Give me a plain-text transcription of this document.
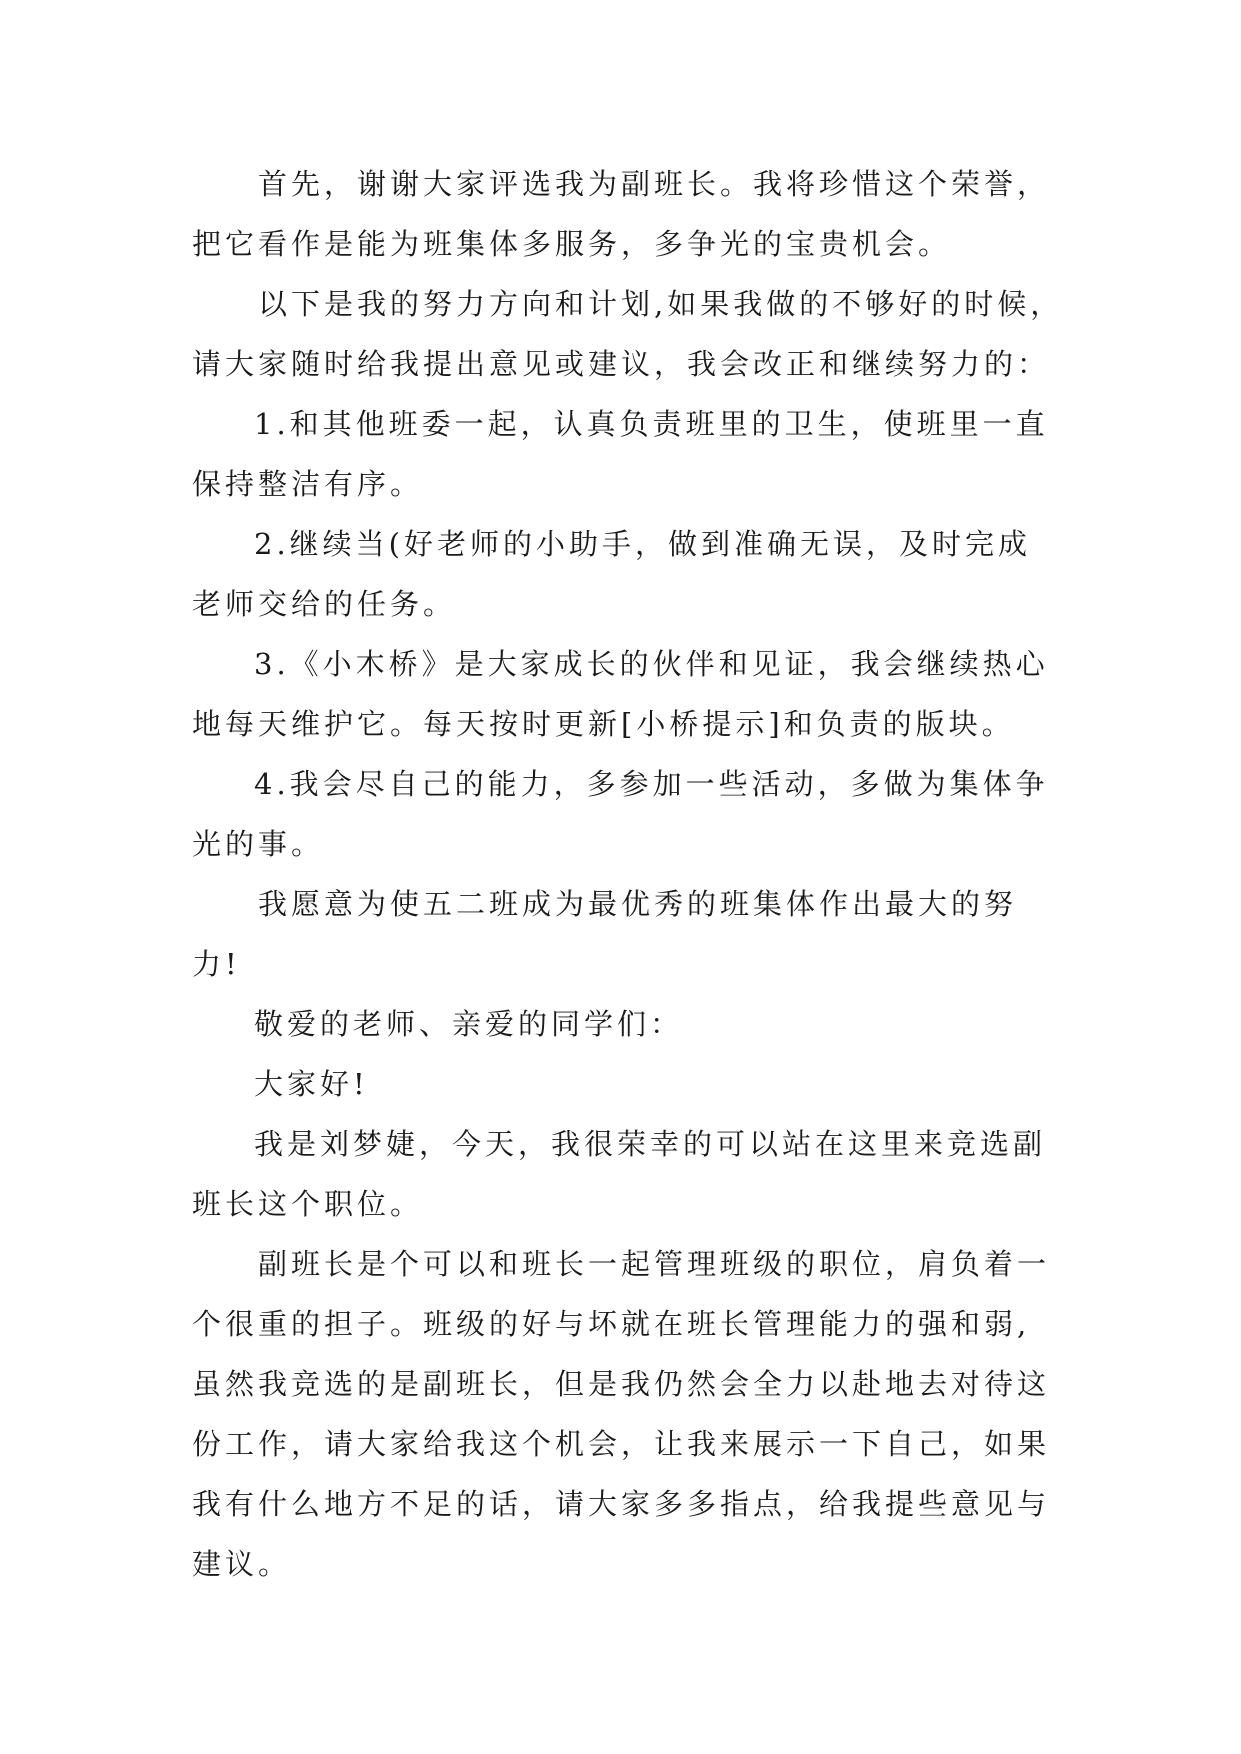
首先，谢谢大家评选我为副班长。我将珍惜这个荣誉，
把它看作是能为班集体多服务，多争光的宝贵机会。
以下是我的努力方向和计划,如果我做的不够好的时候，
请大家随时给我提出意见或建议，我会改正和继续努力的：
1.和其他班委一起，认真负责班里的卫生，使班里一直
保持整洁有序。
2.继续当(好老师的小助手，做到准确无误，及时完成
老师交给的任务。
3.《小木桥》是大家成长的伙伴和见证，我会继续热心
地每天维护它。每天按时更新[小桥提示]和负责的版块。
4.我会尽自己的能力，多参加一些活动，多做为集体争
光的事。
我愿意为使五二班成为最优秀的班集体作出最大的努
力!
敬爱的老师、亲爱的同学们：
大家好!
我是刘梦婕，今天，我很荣幸的可以站在这里来竞选副
班长这个职位。
副班长是个可以和班长一起管理班级的职位，肩负着一
个很重的担子。班级的好与坏就在班长管理能力的强和弱,
虽然我竞选的是副班长，但是我仍然会全力以赴地去对待这
份工作，请大家给我这个机会，让我来展示一下自己，如果
我有什么地方不足的话，请大家多多指点，给我提些意见与
建议。
